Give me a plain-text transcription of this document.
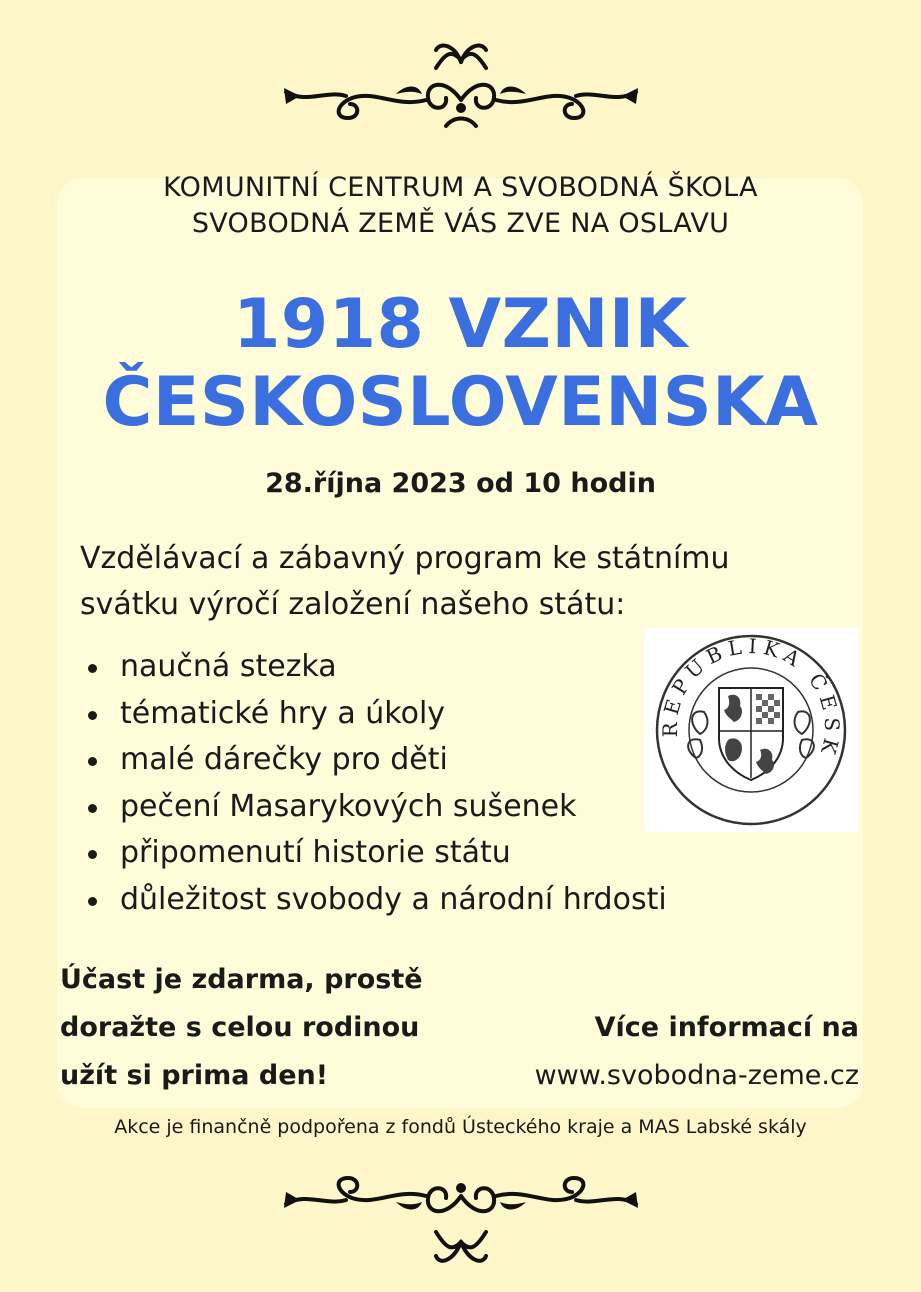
KOMUNITNÍ CENTRUM A SVOBODNÁ ŠKOLA
SVOBODNÁ ZEMĚ VÁS ZVE NA OSLAVU
1918 VZNIK
ČESKOSLOVENSKA
28.října 2023 od 10 hodin
Vzdělávací a zábavný program ke státnímu
svátku výročí založení našeho státu:
naučná stezka
tématické hry a úkoly
malé dárečky pro děti
pečení Masarykových sušenek
připomenutí historie státu
důležitost svobody a národní hrdosti
REPUBLIKA ČESK
Účast je zdarma, prostě
doražte s celou rodinou
užít si prima den!
Více informací na
www.svobodna-zeme.cz
Akce je finančně podpořena z fondů Ústeckého kraje a MAS Labské skály
